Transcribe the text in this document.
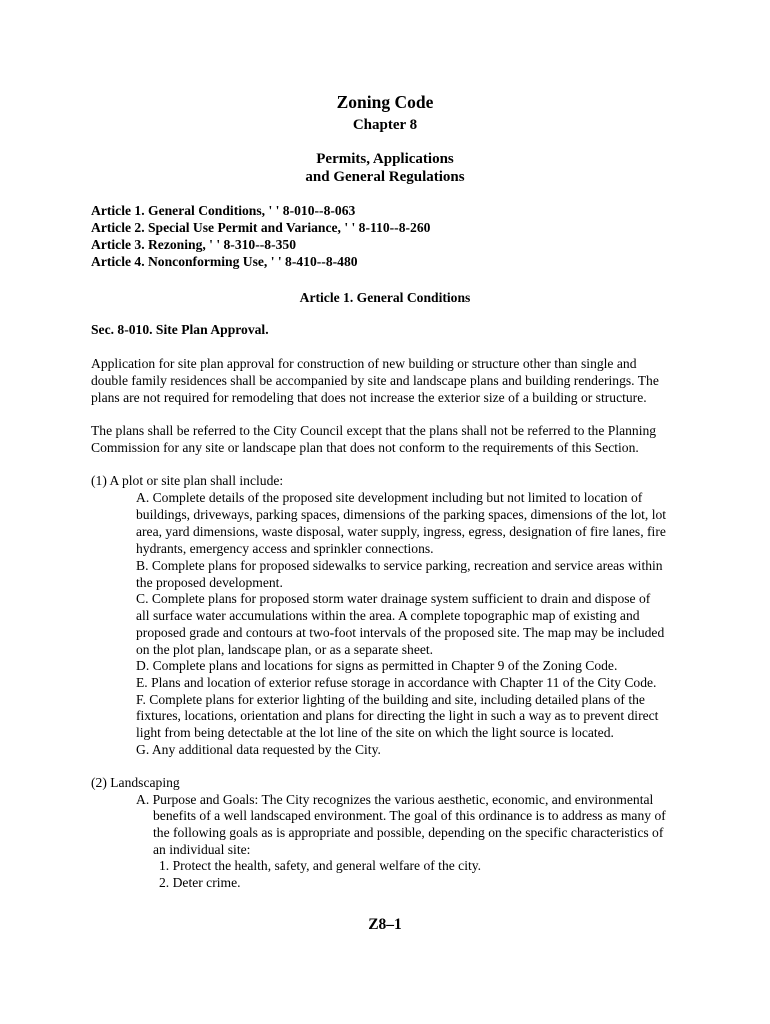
Zoning Code
Chapter 8
Permits, Applications
and General Regulations
Article 1. General Conditions, ' ' 8-010--8-063
Article 2. Special Use Permit and Variance, ' ' 8-110--8-260
Article 3. Rezoning, ' ' 8-310--8-350
Article 4. Nonconforming Use, ' ' 8-410--8-480
Article 1. General Conditions
Sec. 8-010. Site Plan Approval.
Application for site plan approval for construction of new building or structure other than single and
double family residences shall be accompanied by site and landscape plans and building renderings. The
plans are not required for remodeling that does not increase the exterior size of a building or structure.
The plans shall be referred to the City Council except that the plans shall not be referred to the Planning
Commission for any site or landscape plan that does not conform to the requirements of this Section.
(1) A plot or site plan shall include:
A. Complete details of the proposed site development including but not limited to location of
buildings, driveways, parking spaces, dimensions of the parking spaces, dimensions of the lot, lot
area, yard dimensions, waste disposal, water supply, ingress, egress, designation of fire lanes, fire
hydrants, emergency access and sprinkler connections.
B. Complete plans for proposed sidewalks to service parking, recreation and service areas within
the proposed development.
C. Complete plans for proposed storm water drainage system sufficient to drain and dispose of
all surface water accumulations within the area. A complete topographic map of existing and
proposed grade and contours at two-foot intervals of the proposed site. The map may be included
on the plot plan, landscape plan, or as a separate sheet.
D. Complete plans and locations for signs as permitted in Chapter 9 of the Zoning Code.
E. Plans and location of exterior refuse storage in accordance with Chapter 11 of the City Code.
F. Complete plans for exterior lighting of the building and site, including detailed plans of the
fixtures, locations, orientation and plans for directing the light in such a way as to prevent direct
light from being detectable at the lot line of the site on which the light source is located.
G. Any additional data requested by the City.
(2) Landscaping
A. Purpose and Goals: The City recognizes the various aesthetic, economic, and environmental
benefits of a well landscaped environment. The goal of this ordinance is to address as many of
the following goals as is appropriate and possible, depending on the specific characteristics of
an individual site:
1. Protect the health, safety, and general welfare of the city.
2. Deter crime.
Z8–1
